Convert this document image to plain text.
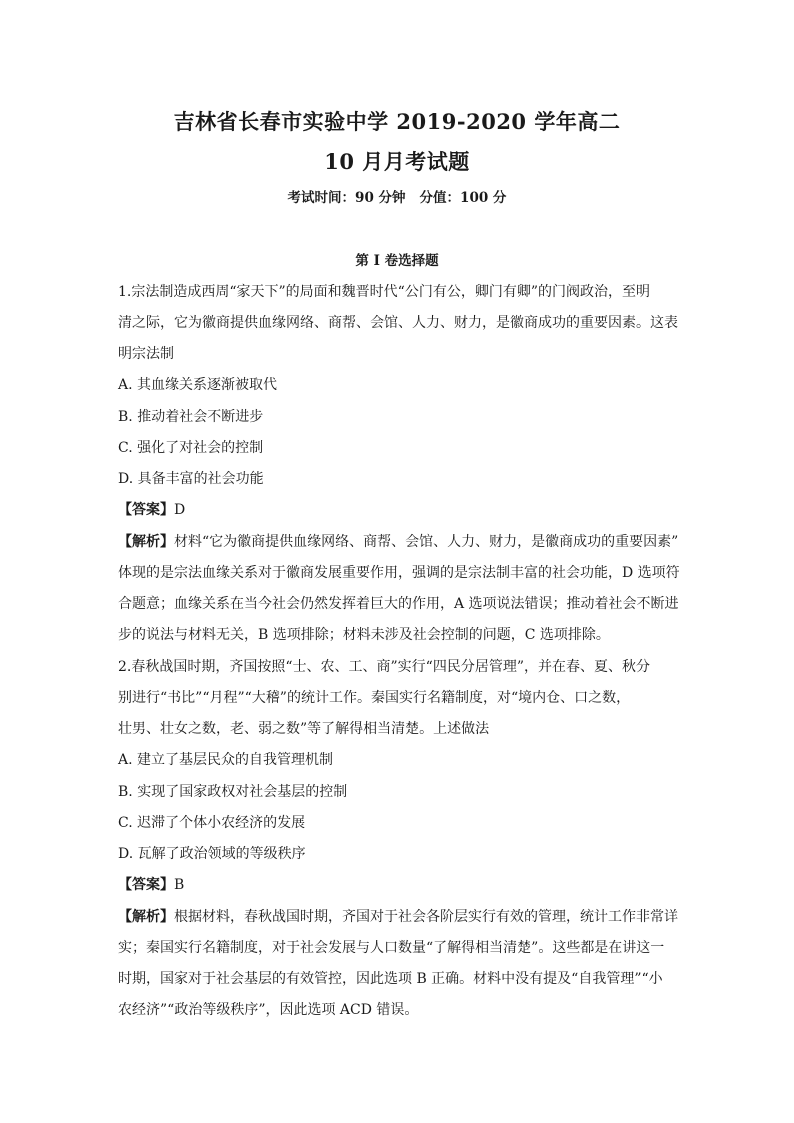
吉林省长春市实验中学 2019-2020 学年高二
10 月月考试题
考试时间：90 分钟 分值：100 分
第 I 卷选择题
1.宗法制造成西周“家天下”的局面和魏晋时代“公门有公，卿门有卿”的门阀政治，至明
清之际，它为徽商提供血缘网络、商帮、会馆、人力、财力，是徽商成功的重要因素。这表
明宗法制
A. 其血缘关系逐渐被取代
B. 推动着社会不断进步
C. 强化了对社会的控制
D. 具备丰富的社会功能
【答案】D
【解析】材料“它为徽商提供血缘网络、商帮、会馆、人力、财力，是徽商成功的重要因素”
体现的是宗法血缘关系对于徽商发展重要作用，强调的是宗法制丰富的社会功能，D 选项符
合题意；血缘关系在当今社会仍然发挥着巨大的作用，A 选项说法错误；推动着社会不断进
步的说法与材料无关，B 选项排除；材料未涉及社会控制的问题，C 选项排除。
2.春秋战国时期，齐国按照“士、农、工、商”实行“四民分居管理”，并在春、夏、秋分
别进行“书比”“月程”“大稽”的统计工作。秦国实行名籍制度，对“境内仓、口之数，
壮男、壮女之数，老、弱之数”等了解得相当清楚。上述做法
A. 建立了基层民众的自我管理机制
B. 实现了国家政权对社会基层的控制
C. 迟滞了个体小农经济的发展
D. 瓦解了政治领域的等级秩序
【答案】B
【解析】根据材料，春秋战国时期，齐国对于社会各阶层实行有效的管理，统计工作非常详
实；秦国实行名籍制度，对于社会发展与人口数量“了解得相当清楚”。这些都是在讲这一
时期，国家对于社会基层的有效管控，因此选项 B 正确。材料中没有提及“自我管理”“小
农经济”“政治等级秩序”，因此选项 ACD 错误。
